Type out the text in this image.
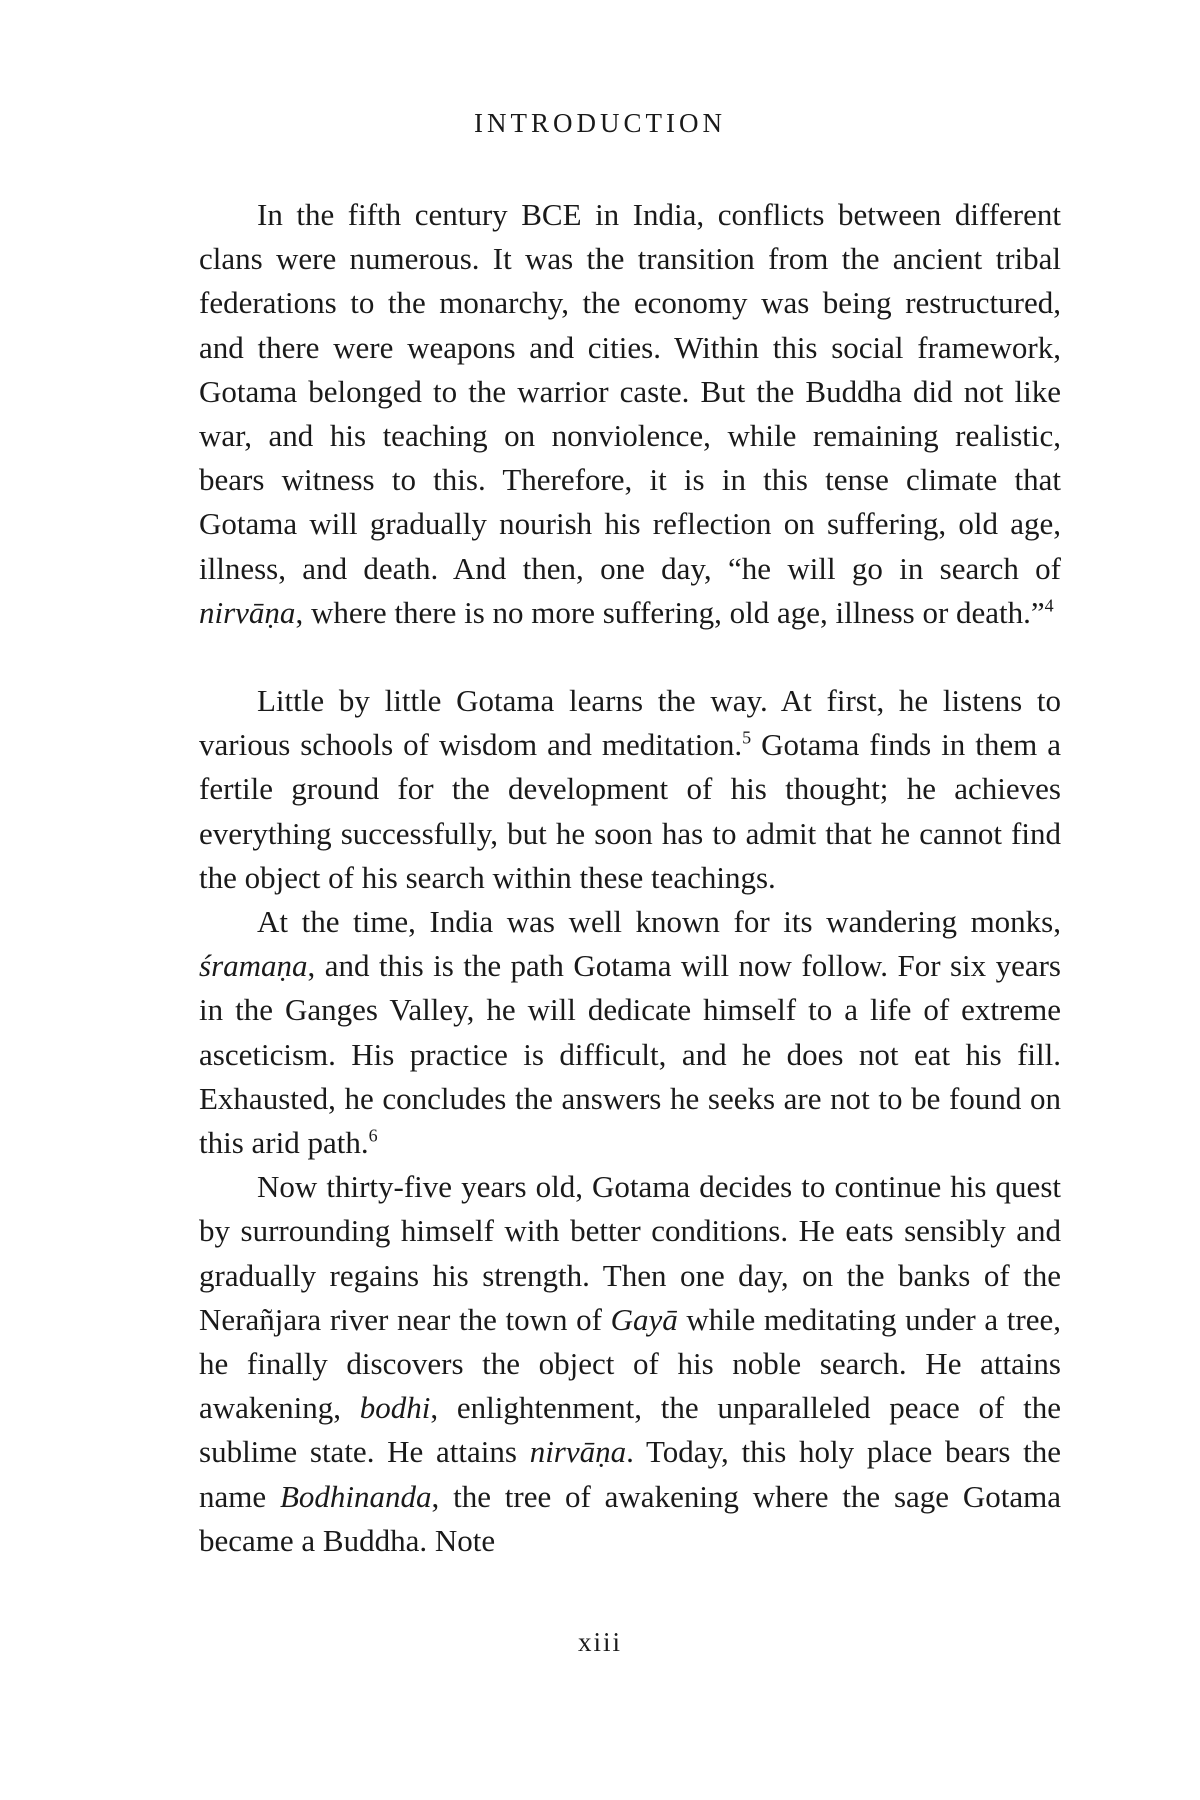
INTRODUCTION

In the fifth century BCE in India, conflicts between different clans were numerous. It was the transition from the ancient tribal federations to the monarchy, the economy was being restructured, and there were weapons and cities. Within this social framework, Gotama belonged to the warrior caste. But the Buddha did not like war, and his teaching on nonviolence, while remaining realistic, bears witness to this. Therefore, it is in this tense climate that Gotama will gradually nourish his reflection on suffering, old age, illness, and death. And then, one day, “he will go in search of nirvāṇa, where there is no more suffering, old age, illness or death.”$^4$

Little by little Gotama learns the way. At first, he listens to various schools of wisdom and meditation.$^5$ Gotama finds in them a fertile ground for the development of his thought; he achieves everything successfully, but he soon has to admit that he cannot find the object of his search within these teachings.

At the time, India was well known for its wandering monks, śramaṇa, and this is the path Gotama will now follow. For six years in the Ganges Valley, he will dedicate himself to a life of extreme asceticism. His practice is difficult, and he does not eat his fill. Exhausted, he concludes the answers he seeks are not to be found on this arid path.$^6$

Now thirty-five years old, Gotama decides to continue his quest by surrounding himself with better conditions. He eats sensibly and gradually regains his strength. Then one day, on the banks of the Nerañjara river near the town of Gayā while meditating under a tree, he finally discovers the object of his noble search. He attains awakening, bodhi, enlightenment, the unparalleled peace of the sublime state. He attains nirvāṇa. Today, this holy place bears the name Bodhinanda, the tree of awakening where the sage Gotama became a Buddha. Note

xiii
